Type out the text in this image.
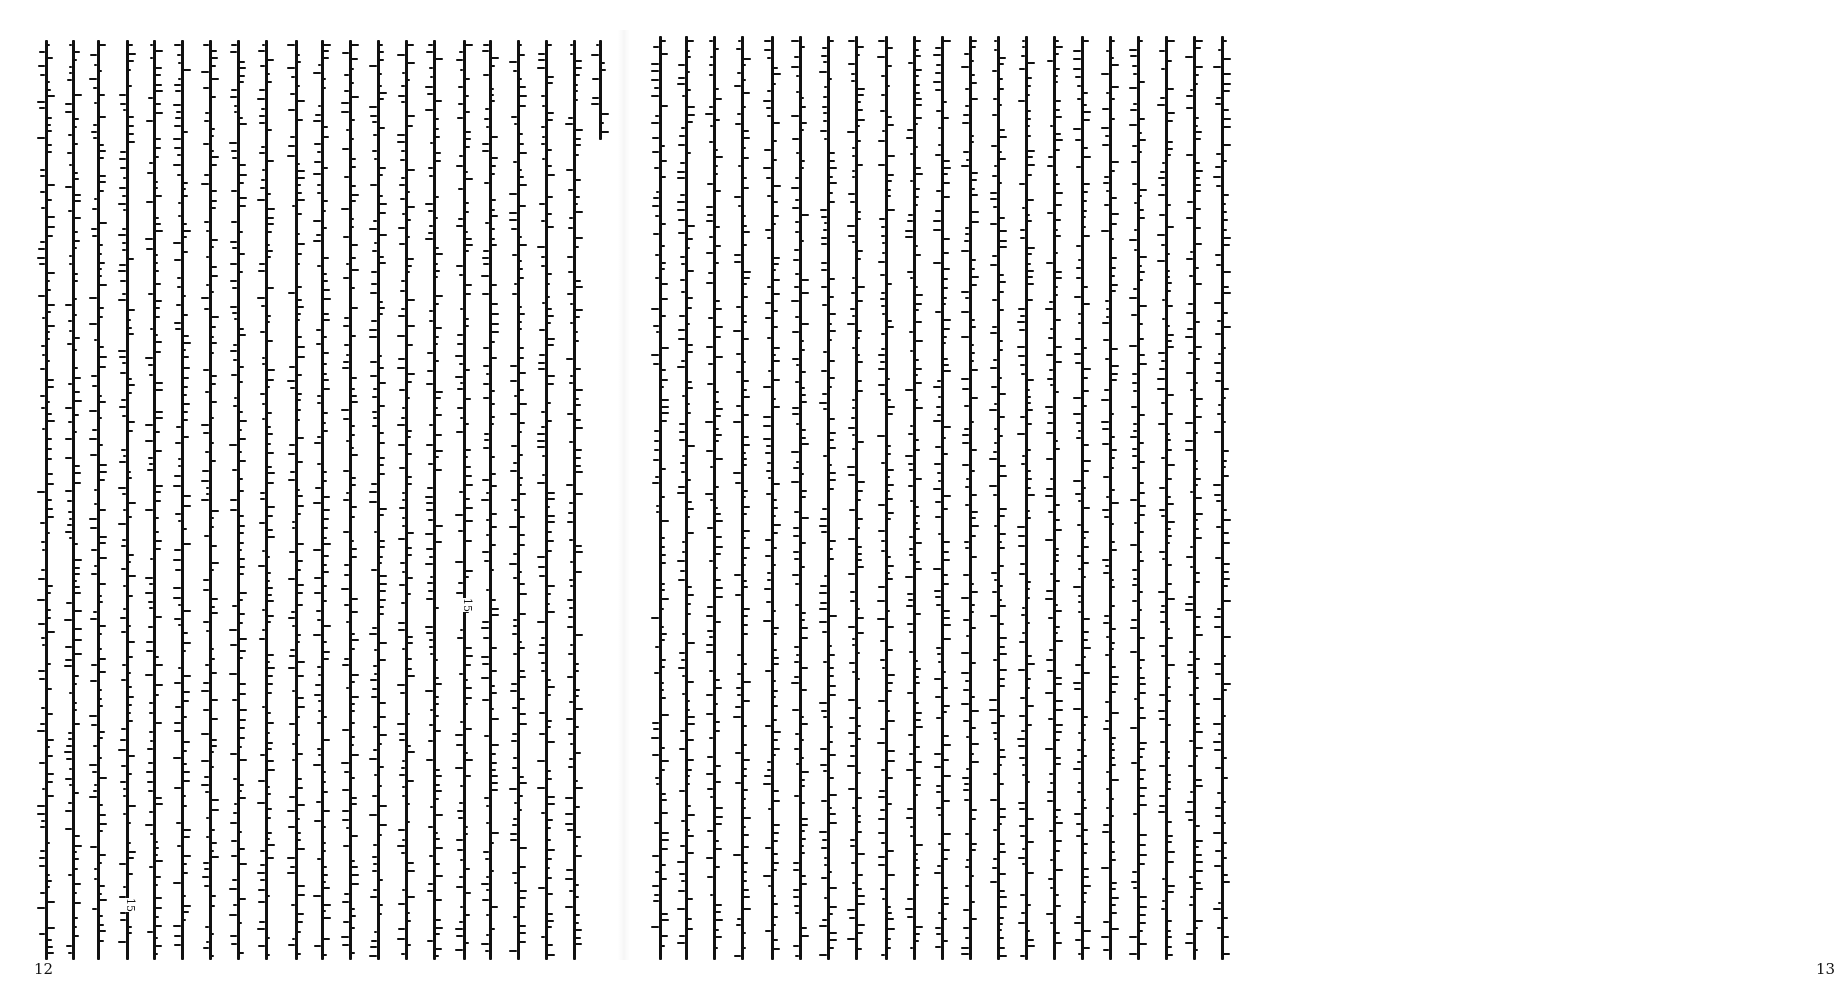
15
15
12	13
